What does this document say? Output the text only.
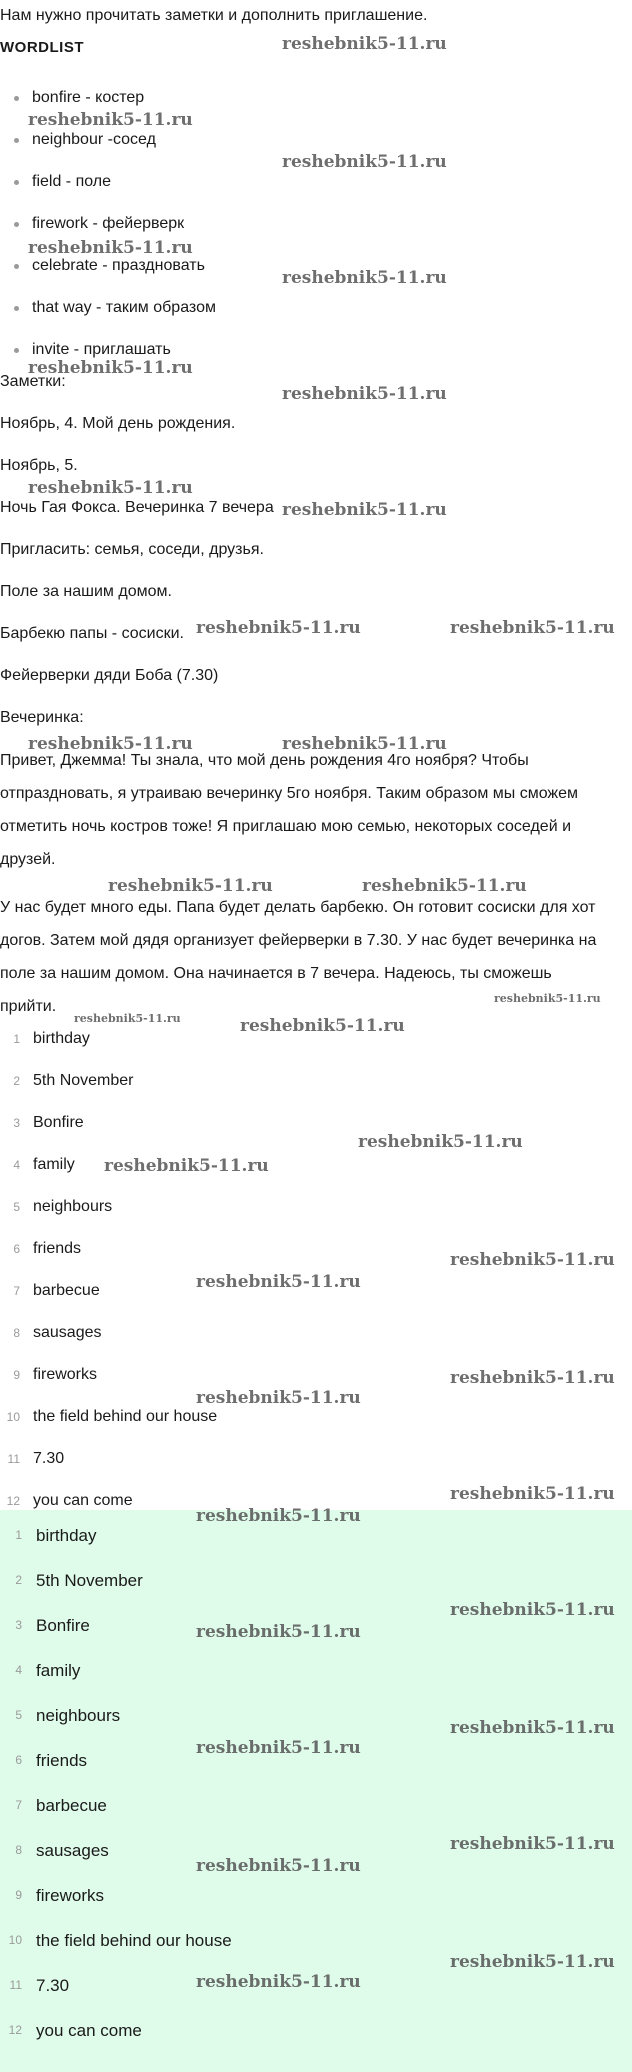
Нам нужно прочитать заметки и дополнить приглашение.
WORDLIST
bonfire - костер
neighbour -сосед
field - поле
firework - фейерверк
celebrate - праздновать
that way - таким образом
invite - приглашать
Заметки:
Ноябрь, 4. Мой день рождения.
Ноябрь, 5.
Ночь Гая Фокса. Вечеринка 7 вечера
Пригласить: семья, соседи, друзья.
Поле за нашим домом.
Барбекю папы - сосиски.
Фейерверки дяди Боба (7.30)
Вечеринка:
Привет, Джемма! Ты знала, что мой день рождения 4го ноября? Чтобы
отпраздновать, я утраиваю вечеринку 5го ноября. Таким образом мы сможем
отметить ночь костров тоже! Я приглашаю мою семью, некоторых соседей и
друзей.
У нас будет много еды. Папа будет делать барбекю. Он готовит сосиски для хот
догов. Затем мой дядя организует фейерверки в 7.30. У нас будет вечеринка на
поле за нашим домом. Она начинается в 7 вечера. Надеюсь, ты сможешь
прийти.
1 birthday
2 5th November
3 Bonfire
4 family
5 neighbours
6 friends
7 barbecue
8 sausages
9 fireworks
10 the field behind our house
11 7.30
12 you can come
1 birthday
2 5th November
3 Bonfire
4 family
5 neighbours
6 friends
7 barbecue
8 sausages
9 fireworks
10 the field behind our house
11 7.30
12 you can come
reshebnik5-11.ru
reshebnik5-11.ru
reshebnik5-11.ru
reshebnik5-11.ru
reshebnik5-11.ru
reshebnik5-11.ru
reshebnik5-11.ru
reshebnik5-11.ru
reshebnik5-11.ru
reshebnik5-11.ru	reshebnik5-11.ru
reshebnik5-11.ru	reshebnik5-11.ru
reshebnik5-11.ru	reshebnik5-11.ru
reshebnik5-11.ru
reshebnik5-11.ru	reshebnik5-11.ru
reshebnik5-11.ru
reshebnik5-11.ru
reshebnik5-11.ru
reshebnik5-11.ru
reshebnik5-11.ru
reshebnik5-11.ru
reshebnik5-11.ru
reshebnik5-11.ru
reshebnik5-11.ru
reshebnik5-11.ru
reshebnik5-11.ru
reshebnik5-11.ru
reshebnik5-11.ru
reshebnik5-11.ru
reshebnik5-11.ru
reshebnik5-11.ru
